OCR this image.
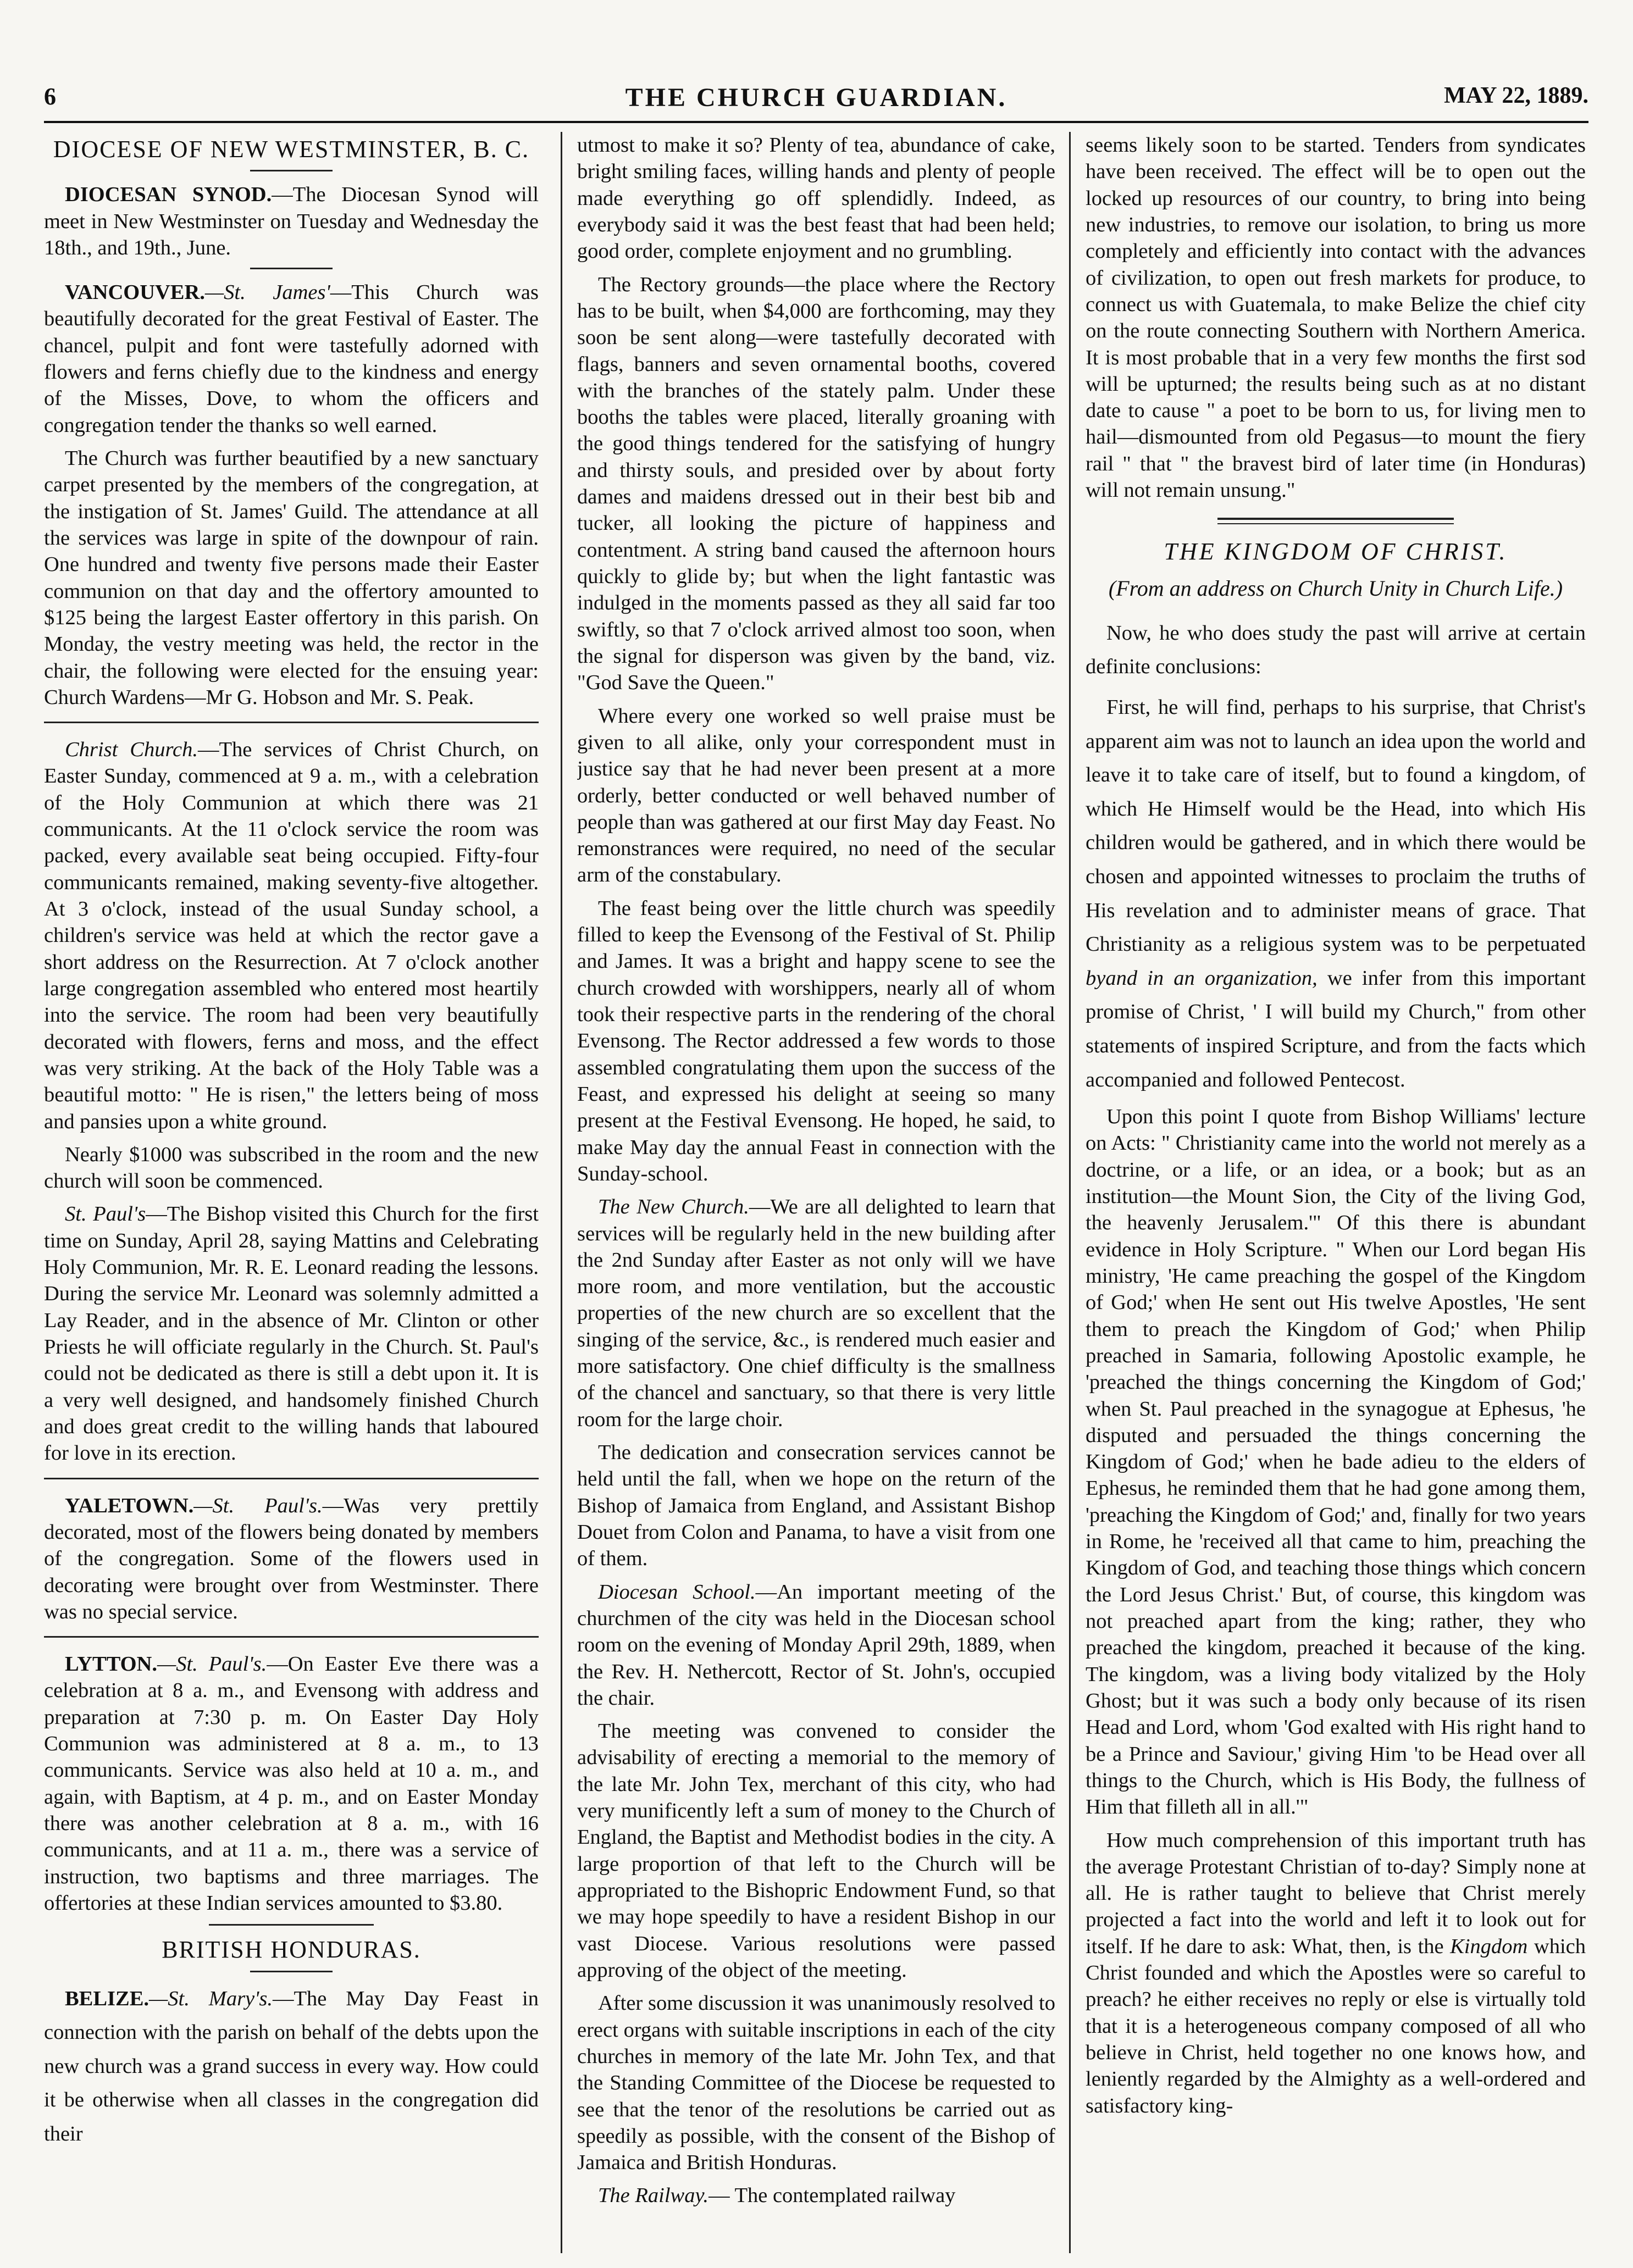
6	THE CHURCH GUARDIAN.	MAY 22, 1889.
DIOCESE OF NEW WESTMINSTER, B. C.

DIOCESAN SYNOD.—The Diocesan Synod will meet in New Westminster on Tuesday and Wednesday the 18th., and 19th., June.

VANCOUVER.—St. James'—This Church was beautifully decorated for the great Festival of Easter. The chancel, pulpit and font were tastefully adorned with flowers and ferns chiefly due to the kindness and energy of the Misses, Dove, to whom the officers and congregation tender the thanks so well earned.

The Church was further beautified by a new sanctuary carpet presented by the members of the congregation, at the instigation of St. James' Guild. The attendance at all the services was large in spite of the downpour of rain. One hundred and twenty five persons made their Easter communion on that day and the offertory amounted to $125 being the largest Easter offertory in this parish. On Monday, the vestry meeting was held, the rector in the chair, the following were elected for the ensuing year: Church Wardens—Mr G. Hobson and Mr. S. Peak.

Christ Church.—The services of Christ Church, on Easter Sunday, commenced at 9 a. m., with a celebration of the Holy Communion at which there was 21 communicants. At the 11 o'clock service the room was packed, every available seat being occupied. Fifty-four communicants remained, making seventy-five altogether. At 3 o'clock, instead of the usual Sunday school, a children's service was held at which the rector gave a short address on the Resurrection. At 7 o'clock another large congregation assembled who entered most heartily into the service. The room had been very beautifully decorated with flowers, ferns and moss, and the effect was very striking. At the back of the Holy Table was a beautiful motto: " He is risen," the letters being of moss and pansies upon a white ground.

Nearly $1000 was subscribed in the room and the new church will soon be commenced.

St. Paul's—The Bishop visited this Church for the first time on Sunday, April 28, saying Mattins and Celebrating Holy Communion, Mr. R. E. Leonard reading the lessons. During the service Mr. Leonard was solemnly admitted a Lay Reader, and in the absence of Mr. Clinton or other Priests he will officiate regularly in the Church. St. Paul's could not be dedicated as there is still a debt upon it. It is a very well designed, and handsomely finished Church and does great credit to the willing hands that laboured for love in its erection.

YALETOWN.—St. Paul's.—Was very prettily decorated, most of the flowers being donated by members of the congregation. Some of the flowers used in decorating were brought over from Westminster. There was no special service.

LYTTON.—St. Paul's.—On Easter Eve there was a celebration at 8 a. m., and Evensong with address and preparation at 7:30 p. m. On Easter Day Holy Communion was administered at 8 a. m., to 13 communicants. Service was also held at 10 a. m., and again, with Baptism, at 4 p. m., and on Easter Monday there was another celebration at 8 a. m., with 16 communicants, and at 11 a. m., there was a service of instruction, two baptisms and three marriages. The offertories at these Indian services amounted to $3.80.

BRITISH HONDURAS.

BELIZE.—St. Mary's.—The May Day Feast in connection with the parish on behalf of the debts upon the new church was a grand success in every way. How could it be otherwise when all classes in the congregation did their

utmost to make it so? Plenty of tea, abundance of cake, bright smiling faces, willing hands and plenty of people made everything go off splendidly. Indeed, as everybody said it was the best feast that had been held; good order, complete enjoyment and no grumbling.

The Rectory grounds—the place where the Rectory has to be built, when $4,000 are forthcoming, may they soon be sent along—were tastefully decorated with flags, banners and seven ornamental booths, covered with the branches of the stately palm. Under these booths the tables were placed, literally groaning with the good things tendered for the satisfying of hungry and thirsty souls, and presided over by about forty dames and maidens dressed out in their best bib and tucker, all looking the picture of happiness and contentment. A string band caused the afternoon hours quickly to glide by; but when the light fantastic was indulged in the moments passed as they all said far too swiftly, so that 7 o'clock arrived almost too soon, when the signal for disperson was given by the band, viz. "God Save the Queen."

Where every one worked so well praise must be given to all alike, only your correspondent must in justice say that he had never been present at a more orderly, better conducted or well behaved number of people than was gathered at our first May day Feast. No remonstrances were required, no need of the secular arm of the constabulary.

The feast being over the little church was speedily filled to keep the Evensong of the Festival of St. Philip and James. It was a bright and happy scene to see the church crowded with worshippers, nearly all of whom took their respective parts in the rendering of the choral Evensong. The Rector addressed a few words to those assembled congratulating them upon the success of the Feast, and expressed his delight at seeing so many present at the Festival Evensong. He hoped, he said, to make May day the annual Feast in connection with the Sunday-school.

The New Church.—We are all delighted to learn that services will be regularly held in the new building after the 2nd Sunday after Easter as not only will we have more room, and more ventilation, but the accoustic properties of the new church are so excellent that the singing of the service, &c., is rendered much easier and more satisfactory. One chief difficulty is the smallness of the chancel and sanctuary, so that there is very little room for the large choir.

The dedication and consecration services cannot be held until the fall, when we hope on the return of the Bishop of Jamaica from England, and Assistant Bishop Douet from Colon and Panama, to have a visit from one of them.

Diocesan School.—An important meeting of the churchmen of the city was held in the Diocesan school room on the evening of Monday April 29th, 1889, when the Rev. H. Nethercott, Rector of St. John's, occupied the chair.

The meeting was convened to consider the advisability of erecting a memorial to the memory of the late Mr. John Tex, merchant of this city, who had very munificently left a sum of money to the Church of England, the Baptist and Methodist bodies in the city. A large proportion of that left to the Church will be appropriated to the Bishopric Endowment Fund, so that we may hope speedily to have a resident Bishop in our vast Diocese. Various resolutions were passed approving of the object of the meeting.

After some discussion it was unanimously resolved to erect organs with suitable inscriptions in each of the city churches in memory of the late Mr. John Tex, and that the Standing Committee of the Diocese be requested to see that the tenor of the resolutions be carried out as speedily as possible, with the consent of the Bishop of Jamaica and British Honduras.

The Railway.— The contemplated railway

seems likely soon to be started. Tenders from syndicates have been received. The effect will be to open out the locked up resources of our country, to bring into being new industries, to remove our isolation, to bring us more completely and efficiently into contact with the advances of civilization, to open out fresh markets for produce, to connect us with Guatemala, to make Belize the chief city on the route connecting Southern with Northern America. It is most probable that in a very few months the first sod will be upturned; the results being such as at no distant date to cause " a poet to be born to us, for living men to hail—dismounted from old Pegasus—to mount the fiery rail " that " the bravest bird of later time (in Honduras) will not remain unsung."

THE KINGDOM OF CHRIST.
(From an address on Church Unity in Church Life.)

Now, he who does study the past will arrive at certain definite conclusions:

First, he will find, perhaps to his surprise, that Christ's apparent aim was not to launch an idea upon the world and leave it to take care of itself, but to found a kingdom, of which He Himself would be the Head, into which His children would be gathered, and in which there would be chosen and appointed witnesses to proclaim the truths of His revelation and to administer means of grace. That Christianity as a religious system was to be perpetuated byand in an organization, we infer from this important promise of Christ, ' I will build my Church," from other statements of inspired Scripture, and from the facts which accompanied and followed Pentecost.

Upon this point I quote from Bishop Williams' lecture on Acts: " Christianity came into the world not merely as a doctrine, or a life, or an idea, or a book; but as an institution—the Mount Sion, the City of the living God, the heavenly Jerusalem.'" Of this there is abundant evidence in Holy Scripture. " When our Lord began His ministry, 'He came preaching the gospel of the Kingdom of God;' when He sent out His twelve Apostles, 'He sent them to preach the Kingdom of God;' when Philip preached in Samaria, following Apostolic example, he 'preached the things concerning the Kingdom of God;' when St. Paul preached in the synagogue at Ephesus, 'he disputed and persuaded the things concerning the Kingdom of God;' when he bade adieu to the elders of Ephesus, he reminded them that he had gone among them, 'preaching the Kingdom of God;' and, finally for two years in Rome, he 'received all that came to him, preaching the Kingdom of God, and teaching those things which concern the Lord Jesus Christ.' But, of course, this kingdom was not preached apart from the king; rather, they who preached the kingdom, preached it because of the king. The kingdom, was a living body vitalized by the Holy Ghost; but it was such a body only because of its risen Head and Lord, whom 'God exalted with His right hand to be a Prince and Saviour,' giving Him 'to be Head over all things to the Church, which is His Body, the fullness of Him that filleth all in all.'"

How much comprehension of this important truth has the average Protestant Christian of to-day? Simply none at all. He is rather taught to believe that Christ merely projected a fact into the world and left it to look out for itself. If he dare to ask: What, then, is the Kingdom which Christ founded and which the Apostles were so careful to preach? he either receives no reply or else is virtually told that it is a heterogeneous company composed of all who believe in Christ, held together no one knows how, and leniently regarded by the Almighty as a well-ordered and satisfactory king-
